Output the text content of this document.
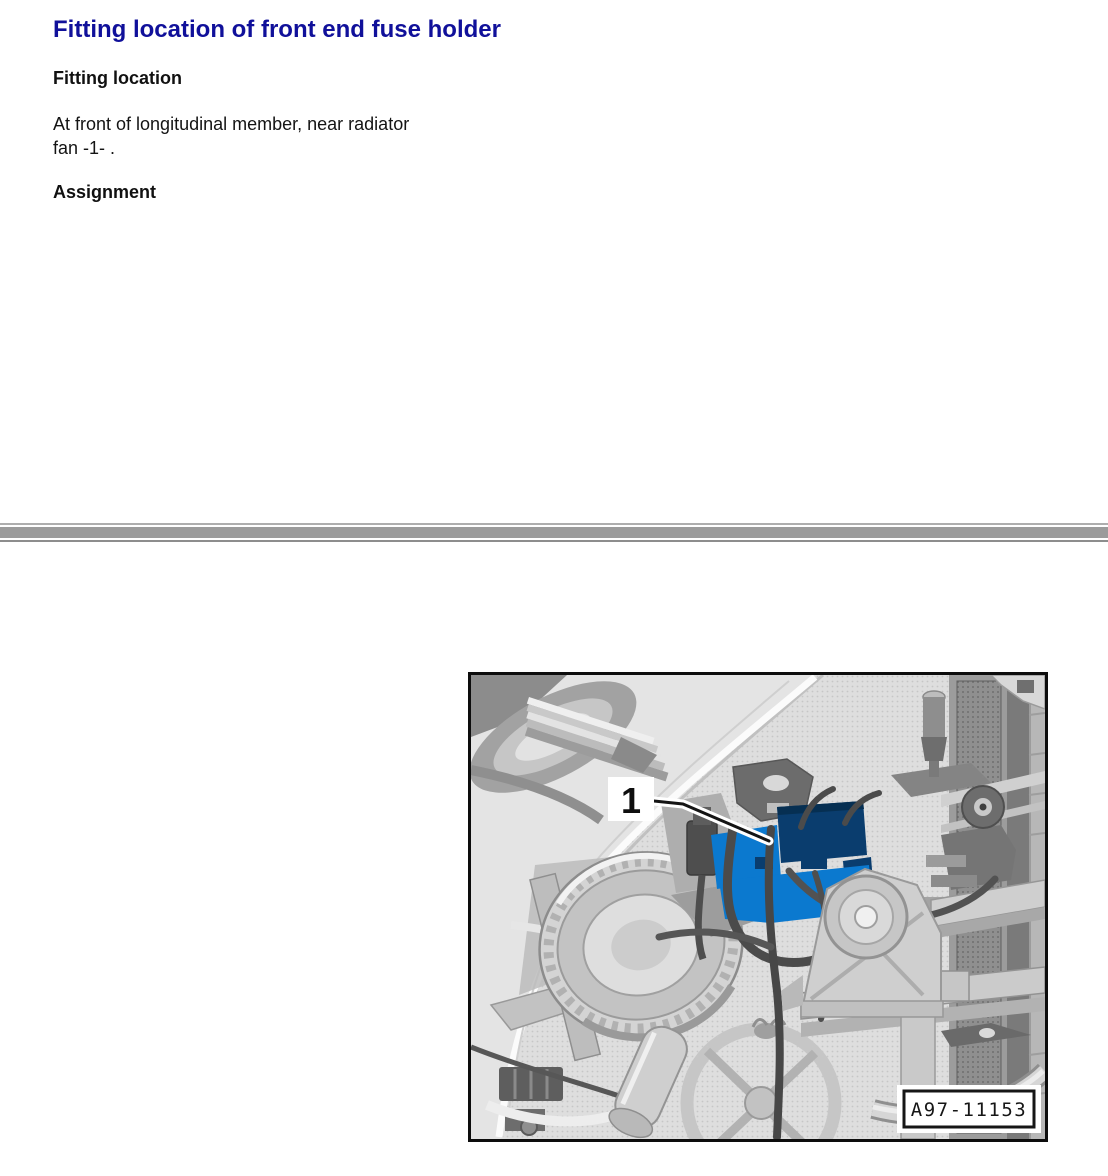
Fitting location of front end fuse holder
Fitting location

At front of longitudinal member, near radiator fan -1- .

Assignment
1
A97-11153
